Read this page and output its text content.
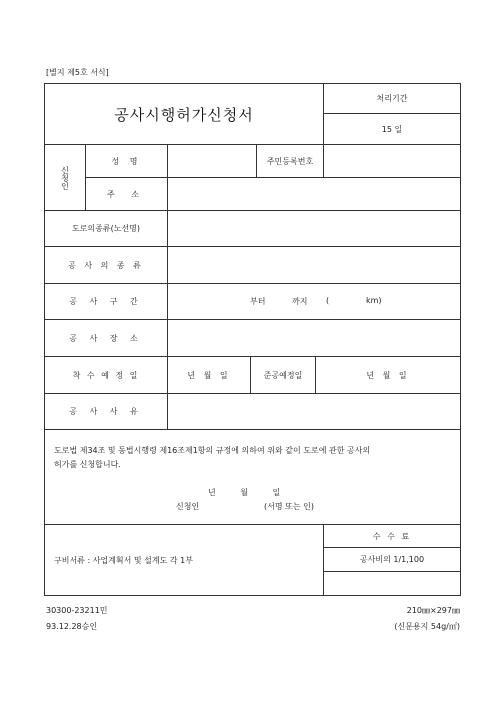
[별지 제5호 서식]
공사시행허가신청서
처리기간
15 일
신청인
성 명	주민등록번호
주 소
도로의종류(노선명)
공 사 의 종 류
공 사 구 간	부터	까지 (	km)
공 사 장 소
착 수 예 정 일	년 월 일	준공예정일	년 월 일
공 사 사 유
도로법 제34조 및 동법시행령 제16조제1항의 규정에 의하여 위와 같이 도로에 관한 공사의
허가를 신청합니다.
년 월 일
신청인	(서명 또는 인)
구비서류 : 사업계획서 및 설계도 각 1부
수 수 료
공사비의 1/1,100
30300-23211민
93.12.28승인
210㎜×297㎜
(신문용지 54g/㎡)
